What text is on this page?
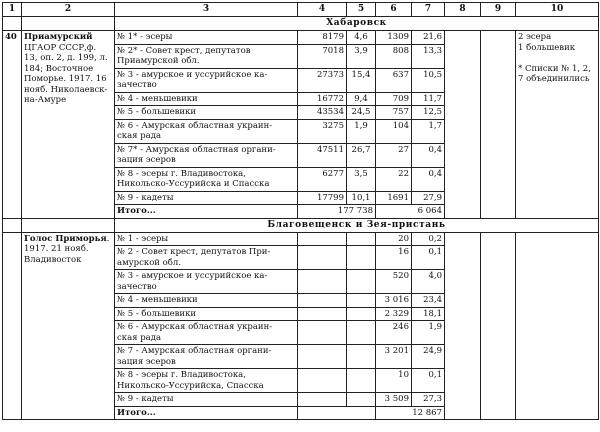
1	2	3	4	5	6	7	8	9	10
		Хабаровск							
40	Приамурский
ЦГАОР СССР,ф. 13, оп. 2, д. 199, л. 184; Восточное Поморье. 1917. 16 нояб. Николаевск-на-Амуре	№ 1* - эсеры	8179	4,6	1309	21,6			2 эсера
1 большевик

* Списки № 1, 2, 7 объединились
		№ 2* - Совет крест, депутатов
Приамурской обл.	7018	3,9	808	13,3			
		№ 3 - амурское и уссурийское ка-
зачество	27373	15,4	637	10,5			
		№ 4 - меньшевики	16772	9,4	709	11,7			
		№ 5 - большевики	43534	24,5	757	12,5			
		№ 6 - Амурская областная украин-
ская рада	3275	1,9	104	1,7			
		№ 7* - Амурская областная органи-
зация эсеров	47511	26,7	27	0,4			
		№ 8 - эсеры г. Владивостока,
Никольско-Уссурийска и Спасска	6277	3,5	22	0,4			
		№ 9 - кадеты	17799	10,1	1691	27,9			
		Итого...	177 738		6 064				
		Благовещенск и Зея-пристань							
	Голос Приморья. 1917. 21 нояб. Владивосток	№ 1 - эсеры			20	0,2			
		№ 2 - Совет крест, депутатов При-
амурской обл.			16	0,1			
		№ 3 - амурское и уссурийское ка-
зачество			520	4,0			
		№ 4 - меньшевики			3 016	23,4			
		№ 5 - большевики			2 329	18,1			
		№ 6 - Амурская областная украин-
ская рада			246	1,9			
		№ 7 - Амурская областная органи-
зация эсеров			3 201	24,9			
		№ 8 - эсеры г. Владивостока,
Никольско-Уссурийска, Спасска			10	0,1			
		№ 9 - кадеты			3 509	27,3			
		Итого...			12 867				
